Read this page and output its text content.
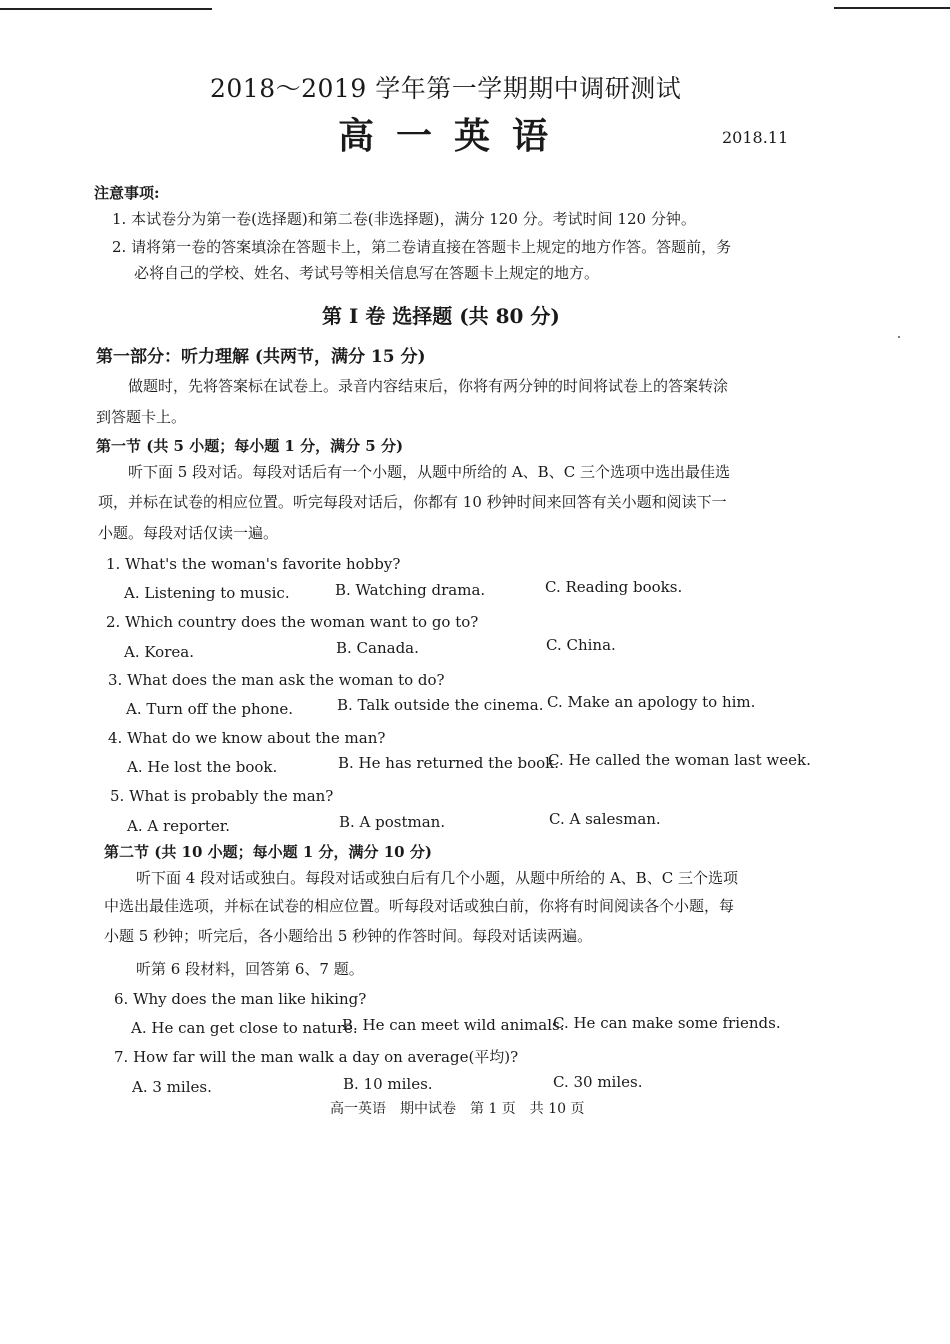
2018～2019 学年第一学期期中调研测试
高一英语	2018.11
注意事项:
1. 本试卷分为第一卷(选择题)和第二卷(非选择题)，满分 120 分。考试时间 120 分钟。
2. 请将第一卷的答案填涂在答题卡上，第二卷请直接在答题卡上规定的地方作答。答题前，务
必将自己的学校、姓名、考试号等相关信息写在答题卡上规定的地方。
第 I 卷 选择题 (共 80 分)
第一部分：听力理解 (共两节，满分 15 分)
做题时，先将答案标在试卷上。录音内容结束后，你将有两分钟的时间将试卷上的答案转涂
到答题卡上。
第一节 (共 5 小题；每小题 1 分，满分 5 分)
听下面 5 段对话。每段对话后有一个小题，从题中所给的 A、B、C 三个选项中选出最佳选
项，并标在试卷的相应位置。听完每段对话后，你都有 10 秒钟时间来回答有关小题和阅读下一
小题。每段对话仅读一遍。
1. What's the woman's favorite hobby?
A. Listening to music.	B. Watching drama.	C. Reading books.
2. Which country does the woman want to go to?
A. Korea.	B. Canada.	C. China.
3. What does the man ask the woman to do?
A. Turn off the phone.	B. Talk outside the cinema. C. Make an apology to him.
4. What do we know about the man?
A. He lost the book.	B. He has returned the book.
C. He called the woman last week.
5. What is probably the man?
A. A reporter.	B. A postman.	C. A salesman.
第二节 (共 10 小题；每小题 1 分，满分 10 分)
听下面 4 段对话或独白。每段对话或独白后有几个小题，从题中所给的 A、B、C 三个选项
中选出最佳选项，并标在试卷的相应位置。听每段对话或独白前，你将有时间阅读各个小题，每
小题 5 秒钟；听完后，各小题给出 5 秒钟的作答时间。每段对话读两遍。
听第 6 段材料，回答第 6、7 题。
6. Why does the man like hiking?
A. He can get close to nature.
B. He can meet wild animals.
C. He can make some friends.
7. How far will the man walk a day on average(平均)?
A. 3 miles.	B. 10 miles.	C. 30 miles.
高一英语　期中试卷　第 1 页　共 10 页
